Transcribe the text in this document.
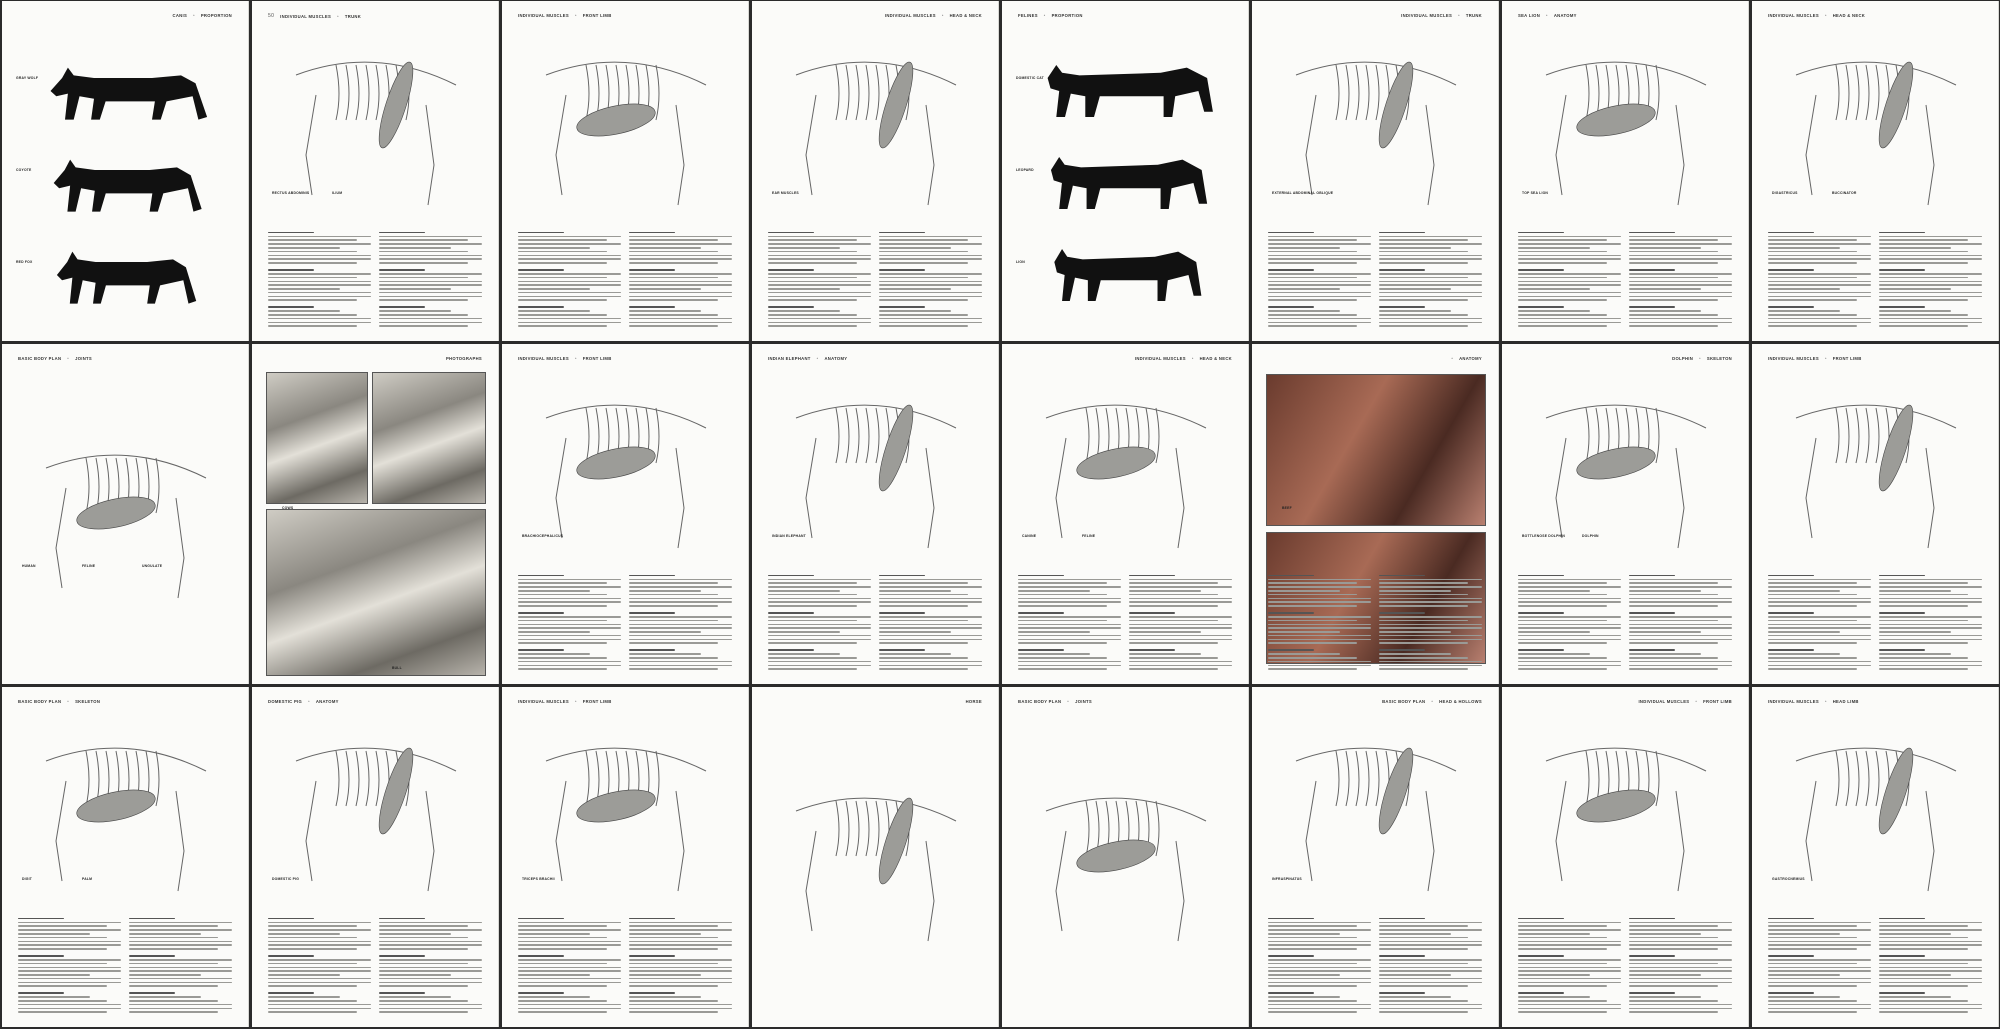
CANIS • PROPORTION
GRAY WOLF
COYOTE
RED FOX
50 INDIVIDUAL MUSCLES • TRUNK
RECTUS ABDOMINIS	ILIUM
INDIVIDUAL MUSCLES • FRONT LIMB	INDIVIDUAL MUSCLES • HEAD & NECK
EAR MUSCLES
FELINES • PROPORTION
DOMESTIC CAT
LEOPARD
LION
INDIVIDUAL MUSCLES • TRUNK
EXTERNAL ABDOMINAL OBLIQUE
SEA LION • ANATOMY
TOP SEA LION
INDIVIDUAL MUSCLES • HEAD & NECK
DIGASTRICUS	BUCCINATOR
BASIC BODY PLAN • JOINTS
HUMAN	FELINE	UNGULATE
PHOTOGRAPHS
COWS
BULL
INDIVIDUAL MUSCLES • FRONT LIMB
BRACHIOCEPHALICUS
INDIAN ELEPHANT • ANATOMY
INDIAN ELEPHANT
INDIVIDUAL MUSCLES • HEAD & NECK
CANINE	FELINE
• ANATOMY
BEEF
DOLPHIN • SKELETON
BOTTLENOSE DOLPHIN	DOLPHIN
INDIVIDUAL MUSCLES • FRONT LIMB
BASIC BODY PLAN • SKELETON
DIGIT	PALM
DOMESTIC PIG • ANATOMY
DOMESTIC PIG
INDIVIDUAL MUSCLES • FRONT LIMB
TRICEPS BRACHII
HORSE	BASIC BODY PLAN • JOINTS	BASIC BODY PLAN • HEAD & HOLLOWS
INFRASPINATUS
INDIVIDUAL MUSCLES • FRONT LIMB	INDIVIDUAL MUSCLES • HEAD LIMB
GASTROCNEMIUS
